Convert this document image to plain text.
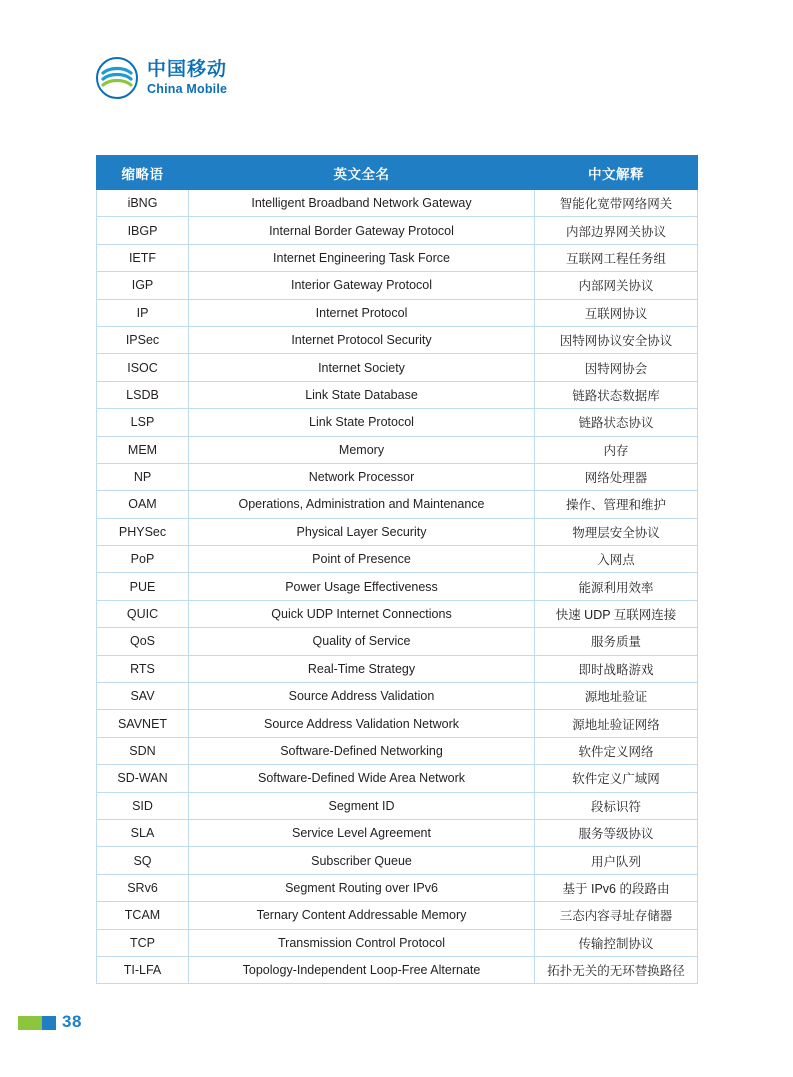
中国移动
China Mobile
缩略语	英文全名	中文解释
iBNG	Intelligent Broadband Network Gateway	智能化宽带网络网关
IBGP	Internal Border Gateway Protocol	内部边界网关协议
IETF	Internet Engineering Task Force	互联网工程任务组
IGP	Interior Gateway Protocol	内部网关协议
IP	Internet Protocol	互联网协议
IPSec	Internet Protocol Security	因特网协议安全协议
ISOC	Internet Society	因特网协会
LSDB	Link State Database	链路状态数据库
LSP	Link State Protocol	链路状态协议
MEM	Memory	内存
NP	Network Processor	网络处理器
OAM	Operations, Administration and Maintenance	操作、管理和维护
PHYSec	Physical Layer Security	物理层安全协议
PoP	Point of Presence	入网点
PUE	Power Usage Effectiveness	能源利用效率
QUIC	Quick UDP Internet Connections	快速 UDP 互联网连接
QoS	Quality of Service	服务质量
RTS	Real-Time Strategy	即时战略游戏
SAV	Source Address Validation	源地址验证
SAVNET	Source Address Validation Network	源地址验证网络
SDN	Software-Defined Networking	软件定义网络
SD-WAN	Software-Defined Wide Area Network	软件定义广域网
SID	Segment ID	段标识符
SLA	Service Level Agreement	服务等级协议
SQ	Subscriber Queue	用户队列
SRv6	Segment Routing over IPv6	基于 IPv6 的段路由
TCAM	Ternary Content Addressable Memory	三态内容寻址存储器
TCP	Transmission Control Protocol	传输控制协议
TI-LFA	Topology-Independent Loop-Free Alternate	拓扑无关的无环替换路径
38
